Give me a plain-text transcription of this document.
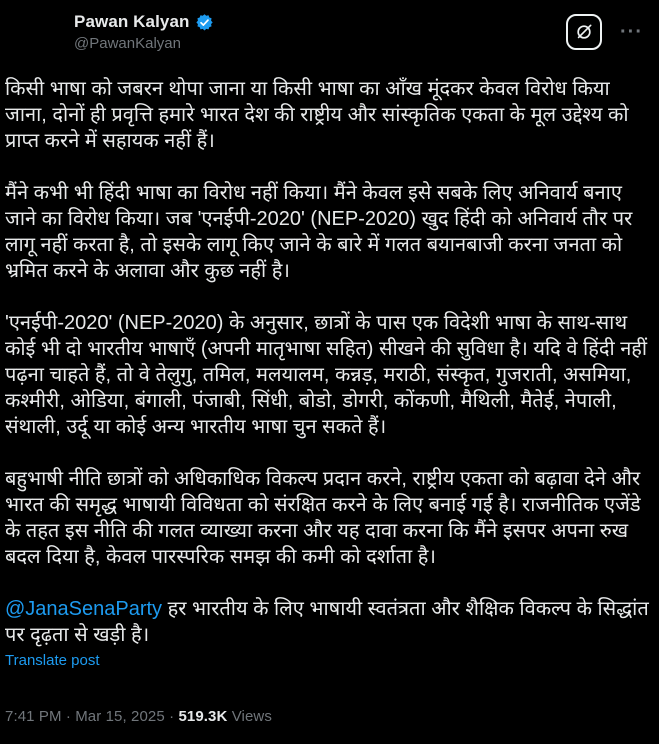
Pawan Kalyan
@PawanKalyan
···

किसी भाषा को जबरन थोपा जाना या किसी भाषा का आँख मूंदकर केवल विरोध किया जाना, दोनों ही प्रवृत्ति हमारे भारत देश की राष्ट्रीय और सांस्कृतिक एकता के मूल उद्देश्य को प्राप्त करने में सहायक नहीं हैं।

मैंने कभी भी हिंदी भाषा का विरोध नहीं किया। मैंने केवल इसे सबके लिए अनिवार्य बनाए जाने का विरोध किया। जब 'एनईपी-2020' (NEP-2020) खुद हिंदी को अनिवार्य तौर पर लागू नहीं करता है, तो इसके लागू किए जाने के बारे में गलत बयानबाजी करना जनता को भ्रमित करने के अलावा और कुछ नहीं है।

'एनईपी-2020' (NEP-2020) के अनुसार, छात्रों के पास एक विदेशी भाषा के साथ-साथ कोई भी दो भारतीय भाषाएँ (अपनी मातृभाषा सहित) सीखने की सुविधा है। यदि वे हिंदी नहीं पढ़ना चाहते हैं, तो वे तेलुगु, तमिल, मलयालम, कन्नड़, मराठी, संस्कृत, गुजराती, असमिया, कश्मीरी, ओडिया, बंगाली, पंजाबी, सिंधी, बोडो, डोगरी, कोंकणी, मैथिली, मैतेई, नेपाली, संथाली, उर्दू या कोई अन्य भारतीय भाषा चुन सकते हैं।

बहुभाषी नीति छात्रों को अधिकाधिक विकल्प प्रदान करने, राष्ट्रीय एकता को बढ़ावा देने और भारत की समृद्ध भाषायी विविधता को संरक्षित करने के लिए बनाई गई है। राजनीतिक एजेंडे के तहत इस नीति की गलत व्याख्या करना और यह दावा करना कि मैंने इसपर अपना रुख बदल दिया है, केवल पारस्परिक समझ की कमी को दर्शाता है।

@JanaSenaParty हर भारतीय के लिए भाषायी स्वतंत्रता और शैक्षिक विकल्प के सिद्धांत पर दृढ़ता से खड़ी है।

Translate post
7:41 PM · Mar 15, 2025 · 519.3K Views
